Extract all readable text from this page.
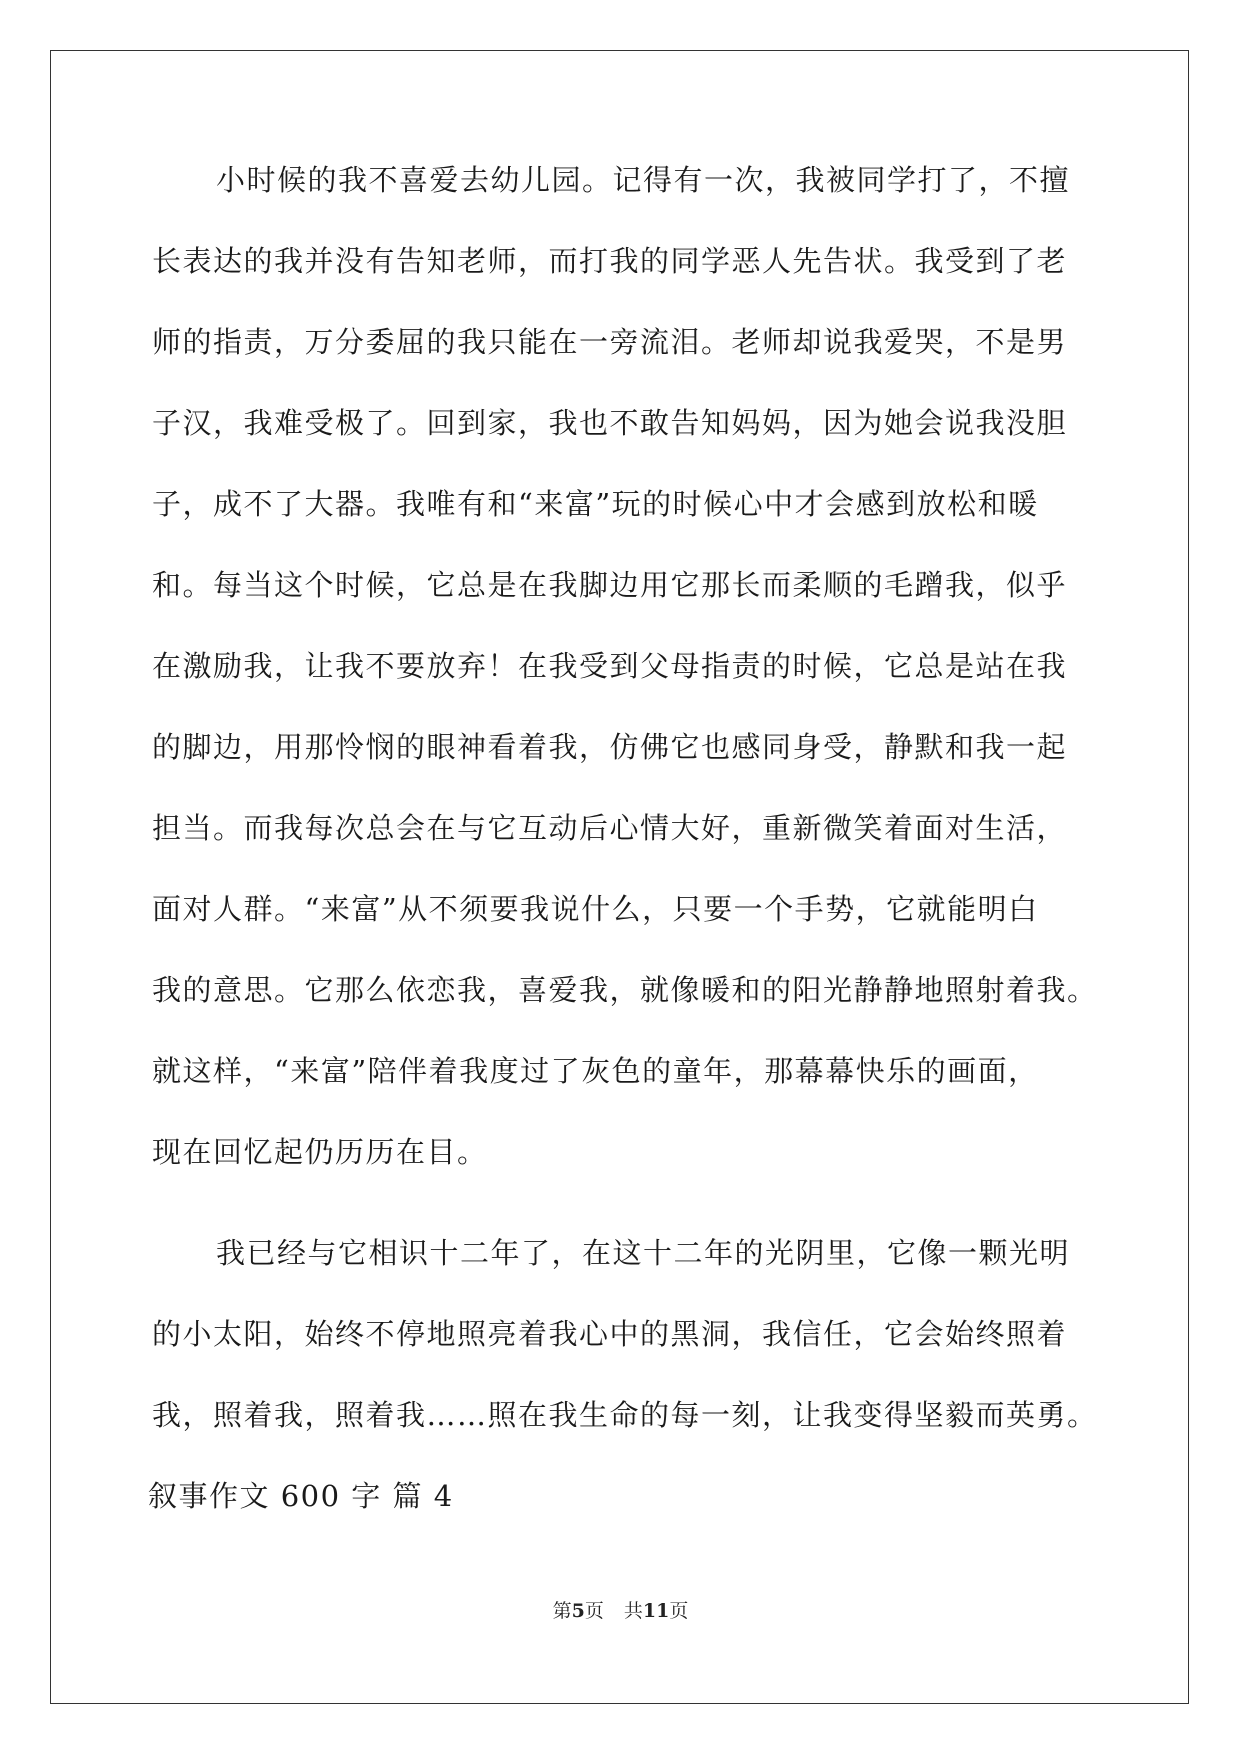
小时候的我不喜爱去幼儿园。记得有一次，我被同学打了，不擅
长表达的我并没有告知老师，而打我的同学恶人先告状。我受到了老
师的指责，万分委屈的我只能在一旁流泪。老师却说我爱哭，不是男
子汉，我难受极了。回到家，我也不敢告知妈妈，因为她会说我没胆
子，成不了大器。我唯有和“来富”玩的时候心中才会感到放松和暖
和。每当这个时候，它总是在我脚边用它那长而柔顺的毛蹭我，似乎
在激励我，让我不要放弃！在我受到父母指责的时候，它总是站在我
的脚边，用那怜悯的眼神看着我，仿佛它也感同身受，静默和我一起
担当。而我每次总会在与它互动后心情大好，重新微笑着面对生活，
面对人群。“来富”从不须要我说什么，只要一个手势，它就能明白
我的意思。它那么依恋我，喜爱我，就像暖和的阳光静静地照射着我。
就这样，“来富”陪伴着我度过了灰色的童年，那幕幕快乐的画面，
现在回忆起仍历历在目。
我已经与它相识十二年了，在这十二年的光阴里，它像一颗光明
的小太阳，始终不停地照亮着我心中的黑洞，我信任，它会始终照着
我，照着我，照着我……照在我生命的每一刻，让我变得坚毅而英勇。
叙事作文 600 字 篇 4
第5页 共11页
